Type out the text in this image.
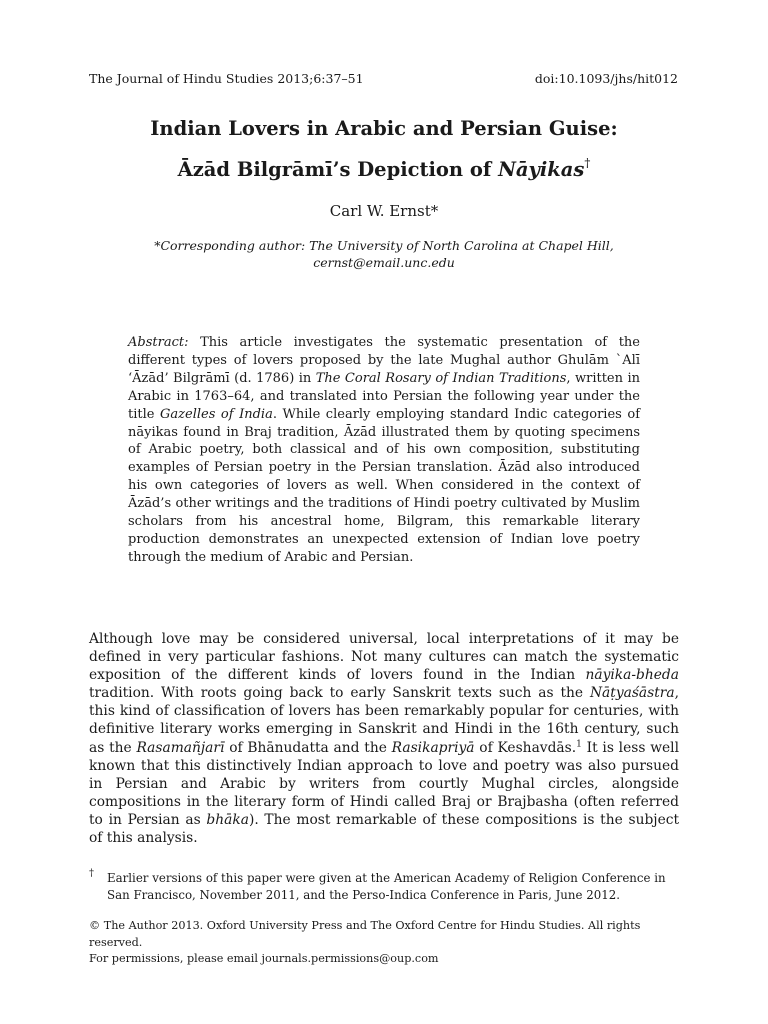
The Journal of Hindu Studies 2013;6:37–51	doi:10.1093/jhs/hit012
Indian Lovers in Arabic and Persian Guise:
Āzād Bilgrāmī’s Depiction of Nāyikas†
Carl W. Ernst*
*Corresponding author: The University of North Carolina at Chapel Hill,
cernst@email.unc.edu
Abstract: This article investigates the systematic presentation of the different types of lovers proposed by the late Mughal author Ghulām `Alī ‘Āzād’ Bilgrāmī (d. 1786) in The Coral Rosary of Indian Traditions, written in Arabic in 1763–64, and translated into Persian the following year under the title Gazelles of India. While clearly employing standard Indic categories of nāyikas found in Braj tradition, Āzād illustrated them by quoting specimens of Arabic poetry, both classical and of his own composition, substituting examples of Persian poetry in the Persian translation. Āzād also introduced his own categories of lovers as well. When considered in the context of Āzād’s other writings and the traditions of Hindi poetry cultivated by Muslim scholars from his ancestral home, Bilgram, this remarkable literary production demonstrates an unexpected extension of Indian love poetry through the medium of Arabic and Persian.
Although love may be considered universal, local interpretations of it may be defined in very particular fashions. Not many cultures can match the systematic exposition of the different kinds of lovers found in the Indian nāyika-bheda tradition. With roots going back to early Sanskrit texts such as the Nāṭyaśāstra, this kind of classification of lovers has been remarkably popular for centuries, with definitive literary works emerging in Sanskrit and Hindi in the 16th century, such as the Rasamañjarī of Bhānudatta and the Rasikapriyā of Keshavdās.$^1$ It is less well known that this distinctively Indian approach to love and poetry was also pursued in Persian and Arabic by writers from courtly Mughal circles, alongside compositions in the literary form of Hindi called Braj or Brajbasha (often referred to in Persian as bhāka). The most remarkable of these compositions is the subject of this analysis.
† Earlier versions of this paper were given at the American Academy of Religion Conference in San Francisco, November 2011, and the Perso-Indica Conference in Paris, June 2012.
© The Author 2013. Oxford University Press and The Oxford Centre for Hindu Studies. All rights reserved.
For permissions, please email journals.permissions@oup.com
